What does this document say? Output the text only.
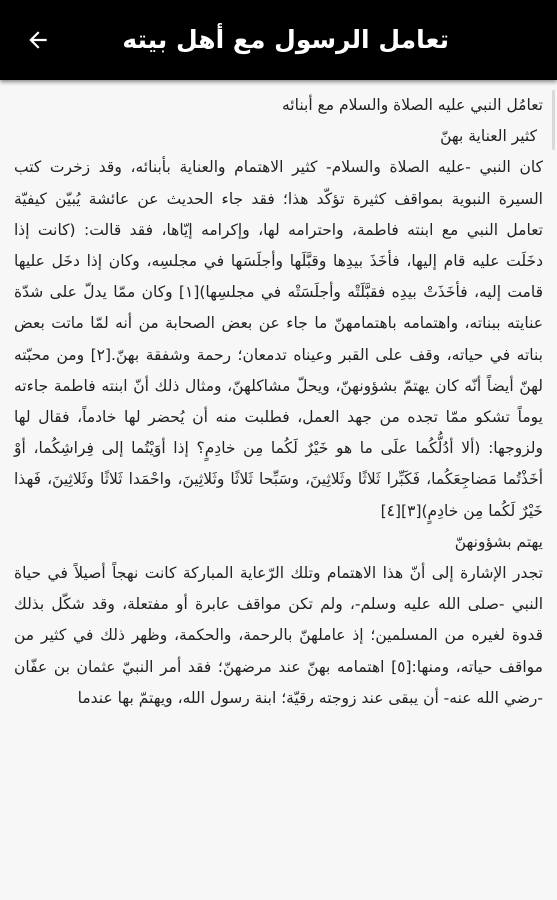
تعامل الرسول مع أهل بيته

تعامُل النبي عليه الصلاة والسلام مع أبنائه

كثير العناية بهنّ

كان النبي -عليه الصلاة والسلام- كثير الاهتمام والعناية بأبنائه، وقد زخرت كتب السيرة النبوية بمواقف كثيرة تؤكّد هذا؛ فقد جاء الحديث عن عائشة يُبيّن كيفيّة تعامل النبي مع ابنته فاطمة، واحترامه لها، وإكرامه إيّاها، فقد قالت: (كانت إذا دخَلَت عليه قام إليها، فأخَذَ بيدِها وقبَّلَها وأجلَسَها في مجلسِه، وكان إذا دخَل عليها قامت إليه، فأخَذَتْ بيدِه فقبَّلَتْه وأجلَسَتْه في مجلسِها)[١] وكان ممّا يدلّ على شدّة عنايته ببناته، واهتمامه باهتمامهنّ ما جاء عن بعض الصحابة من أنه لمّا ماتت بعض بناته في حياته، وقف على القبر وعيناه تدمعان؛ رحمة وشفقة بهنّ.[٢] ومن محبّته لهنّ أيضاً أنّه كان يهتمّ بشؤونهنّ، ويحلّ مشاكلهنّ، ومثال ذلك أنّ ابنته فاطمة جاءته يوماً تشكو ممّا تجده من جهد العمل، فطلبت منه أن يُحضر لها خادماً، فقال لها ولزوجها: (ألا أدُلُّكُما علَى ما هو خَيْرٌ لَكُما مِن خادِمٍ؟ إذا أوَيْتُما إلى فِراشِكُما، أوْ أخَذْتُما مَضاجِعَكُما، فَكَبِّرا ثَلاثًا وثَلاثِينَ، وسَبِّحا ثَلاثًا وثَلاثِينَ، واحْمَدا ثَلاثًا وثَلاثِينَ، فَهذا خَيْرٌ لَكُما مِن خادِمٍ)[٣][٤]

يهتم بشؤونهنّ

تجدر الإشارة إلى أنّ هذا الاهتمام وتلك الرّعاية المباركة كانت نهجاً أصيلاً في حياة النبي -صلى الله عليه وسلم-، ولم تكن مواقف عابرة أو مفتعلة، وقد شكّل بذلك قدوة لغيره من المسلمين؛ إذ عاملهنّ بالرحمة، والحكمة، وظهر ذلك في كثير من مواقف حياته، ومنها:[٥] اهتمامه بهنّ عند مرضهنّ؛ فقد أمر النبيّ عثمان بن عفّان -رضي الله عنه- أن يبقى عند زوجته رقيّة؛ ابنة رسول الله، ويهتمّ بها عندما
